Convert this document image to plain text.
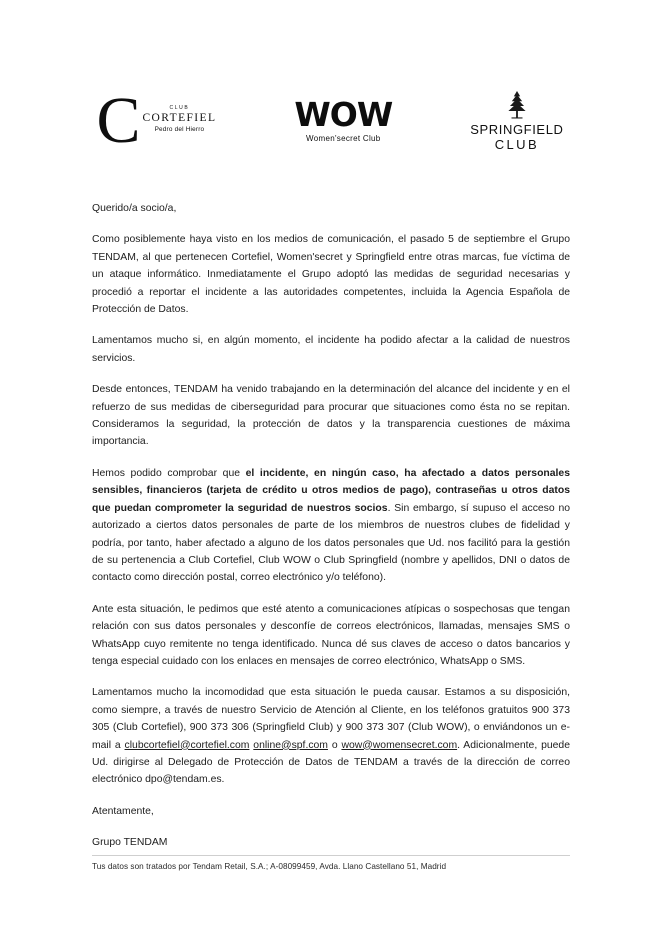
C	CLUB
CORTEFIEL
Pedro del Hierro	WOW
Women'secret Club
SPRINGFIELD
CLUB

Querido/a socio/a,

Como posiblemente haya visto en los medios de comunicación, el pasado 5 de septiembre el Grupo TENDAM, al que pertenecen Cortefiel, Women'secret y Springfield entre otras marcas, fue víctima de un ataque informático. Inmediatamente el Grupo adoptó las medidas de seguridad necesarias y procedió a reportar el incidente a las autoridades competentes, incluida la Agencia Española de Protección de Datos.

Lamentamos mucho si, en algún momento, el incidente ha podido afectar a la calidad de nuestros servicios.

Desde entonces, TENDAM ha venido trabajando en la determinación del alcance del incidente y en el refuerzo de sus medidas de ciberseguridad para procurar que situaciones como ésta no se repitan. Consideramos la seguridad, la protección de datos y la transparencia cuestiones de máxima importancia.

Hemos podido comprobar que el incidente, en ningún caso, ha afectado a datos personales sensibles, financieros (tarjeta de crédito u otros medios de pago), contraseñas u otros datos que puedan comprometer la seguridad de nuestros socios. Sin embargo, sí supuso el acceso no autorizado a ciertos datos personales de parte de los miembros de nuestros clubes de fidelidad y podría, por tanto, haber afectado a alguno de los datos personales que Ud. nos facilitó para la gestión de su pertenencia a Club Cortefiel, Club WOW o Club Springfield (nombre y apellidos, DNI o datos de contacto como dirección postal, correo electrónico y/o teléfono).

Ante esta situación, le pedimos que esté atento a comunicaciones atípicas o sospechosas que tengan relación con sus datos personales y desconfíe de correos electrónicos, llamadas, mensajes SMS o WhatsApp cuyo remitente no tenga identificado. Nunca dé sus claves de acceso o datos bancarios y tenga especial cuidado con los enlaces en mensajes de correo electrónico, WhatsApp o SMS.

Lamentamos mucho la incomodidad que esta situación le pueda causar. Estamos a su disposición, como siempre, a través de nuestro Servicio de Atención al Cliente, en los teléfonos gratuitos 900 373 305 (Club Cortefiel), 900 373 306 (Springfield Club) y 900 373 307 (Club WOW), o enviándonos un e-mail a clubcortefiel@cortefiel.com online@spf.com o wow@womensecret.com. Adicionalmente, puede Ud. dirigirse al Delegado de Protección de Datos de TENDAM a través de la dirección de correo electrónico dpo@tendam.es.

Atentamente,

Grupo TENDAM

Tus datos son tratados por Tendam Retail, S.A.; A-08099459, Avda. Llano Castellano 51, Madrid
